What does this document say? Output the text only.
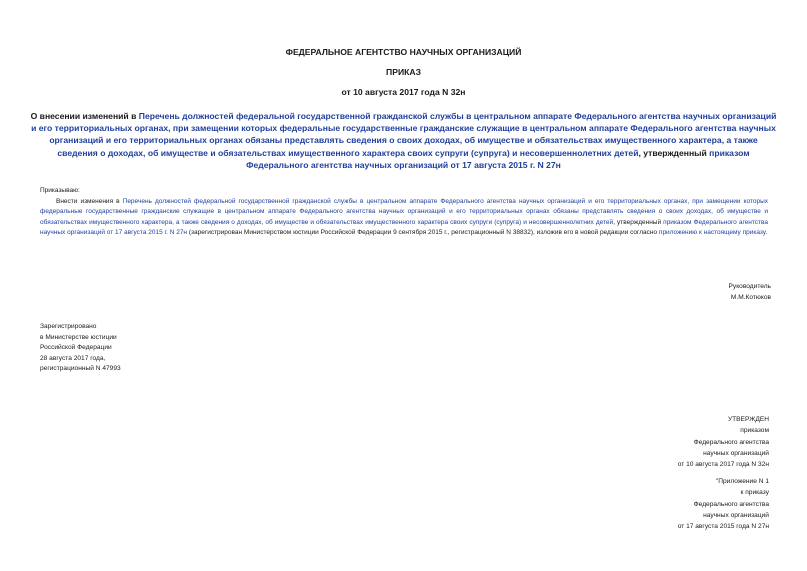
ФЕДЕРАЛЬНОЕ АГЕНТСТВО НАУЧНЫХ ОРГАНИЗАЦИЙ
ПРИКАЗ
от 10 августа 2017 года N 32н
О внесении изменений в Перечень должностей федеральной государственной гражданской службы в центральном аппарате Федерального агентства научных организаций и его территориальных органах, при замещении которых федеральные государственные гражданские служащие в центральном аппарате Федерального агентства научных организаций и его территориальных органах обязаны представлять сведения о своих доходах, об имуществе и обязательствах имущественного характера, а также сведения о доходах, об имуществе и обязательствах имущественного характера своих супруги (супруга) и несовершеннолетних детей, утвержденный приказом Федерального агентства научных организаций от 17 августа 2015 г. N 27н

Приказываю:

Внести изменения в Перечень должностей федеральной государственной гражданской службы в центральном аппарате Федерального агентства научных организаций и его территориальных органах, при замещении которых федеральные государственные гражданские служащие в центральном аппарате Федерального агентства научных организаций и его территориальных органах обязаны представлять сведения о своих доходах, об имуществе и обязательствах имущественного характера, а также сведения о доходах, об имуществе и обязательствах имущественного характера своих супруги (супруга) и несовершеннолетних детей, утвержденный приказом Федерального агентства научных организаций от 17 августа 2015 г. N 27н (зарегистрирован Министерством юстиции Российской Федерации 9 сентября 2015 г., регистрационный N 38832), изложив его в новой редакции согласно приложению к настоящему приказу.

Руководитель
М.М.Котюков
Зарегистрировано
в Министерстве юстиции
Российской Федерации
28 августа 2017 года,
регистрационный N 47993
УТВЕРЖДЕН
приказом
Федерального агентства
научных организаций
от 10 августа 2017 года N 32н
"Приложение N 1
к приказу
Федерального агентства
научных организаций
от 17 августа 2015 года N 27н
